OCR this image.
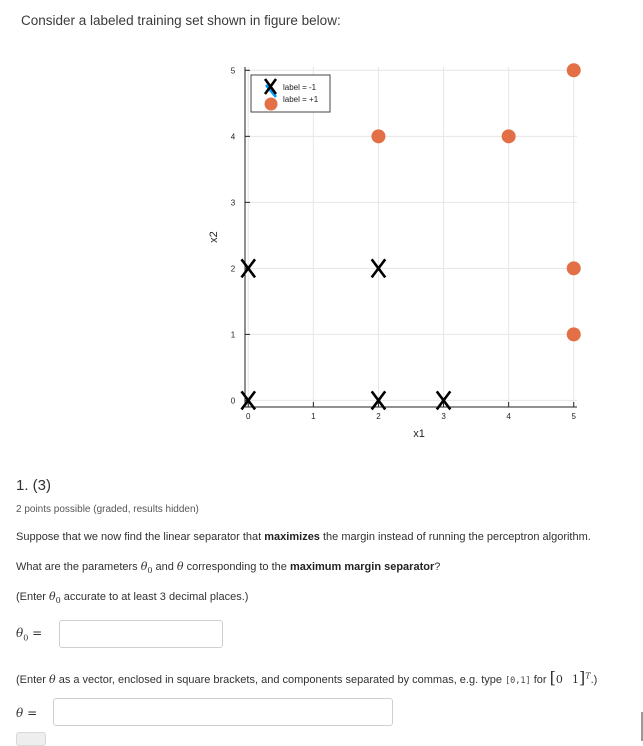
Consider a labeled training set shown in figure below:
0	1	2	3	4	5
0
1
2
3
4
5
label = -1
label = +1
x1
x2
1. (3)
2 points possible (graded, results hidden)
Suppose that we now find the linear separator that maximizes the margin instead of running the perceptron algorithm.
What are the parameters $\theta_0$ and θ corresponding to the maximum margin separator?
(Enter $\theta_0$ accurate to at least 3 decimal places.)
$\theta_0$ =
(Enter θ as a vector, enclosed in square brackets, and components separated by commas, e.g. type [0,1] for [0 1]$^T$.)
θ =
